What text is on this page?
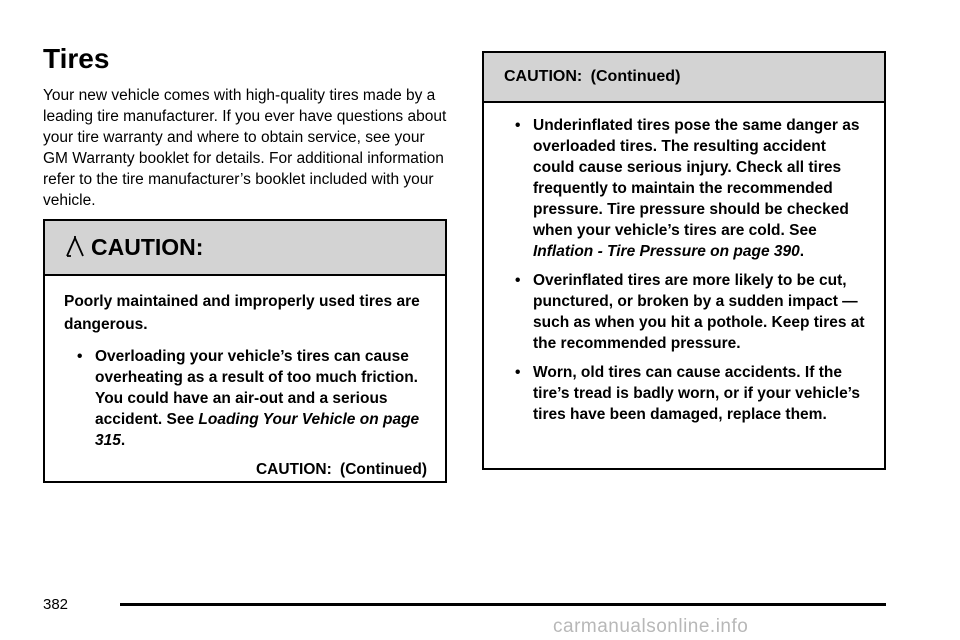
Tires

Your new vehicle comes with high-quality tires made by a leading tire manufacturer. If you ever have questions about your tire warranty and where to obtain service, see your GM Warranty booklet for details. For additional information refer to the tire manufacturer’s booklet included with your vehicle.

CAUTION:

Poorly maintained and improperly used tires are dangerous.

• Overloading your vehicle’s tires can cause overheating as a result of too much friction. You could have an air-out and a serious accident. See Loading Your Vehicle on page 315.
CAUTION: (Continued)
CAUTION: (Continued)
• Underinflated tires pose the same danger as overloaded tires. The resulting accident could cause serious injury. Check all tires frequently to maintain the recommended pressure. Tire pressure should be checked when your vehicle’s tires are cold. See Inflation - Tire Pressure on page 390.
• Overinflated tires are more likely to be cut, punctured, or broken by a sudden impact — such as when you hit a pothole. Keep tires at the recommended pressure.
• Worn, old tires can cause accidents. If the tire’s tread is badly worn, or if your vehicle’s tires have been damaged, replace them.
382
carmanualsonline.info
